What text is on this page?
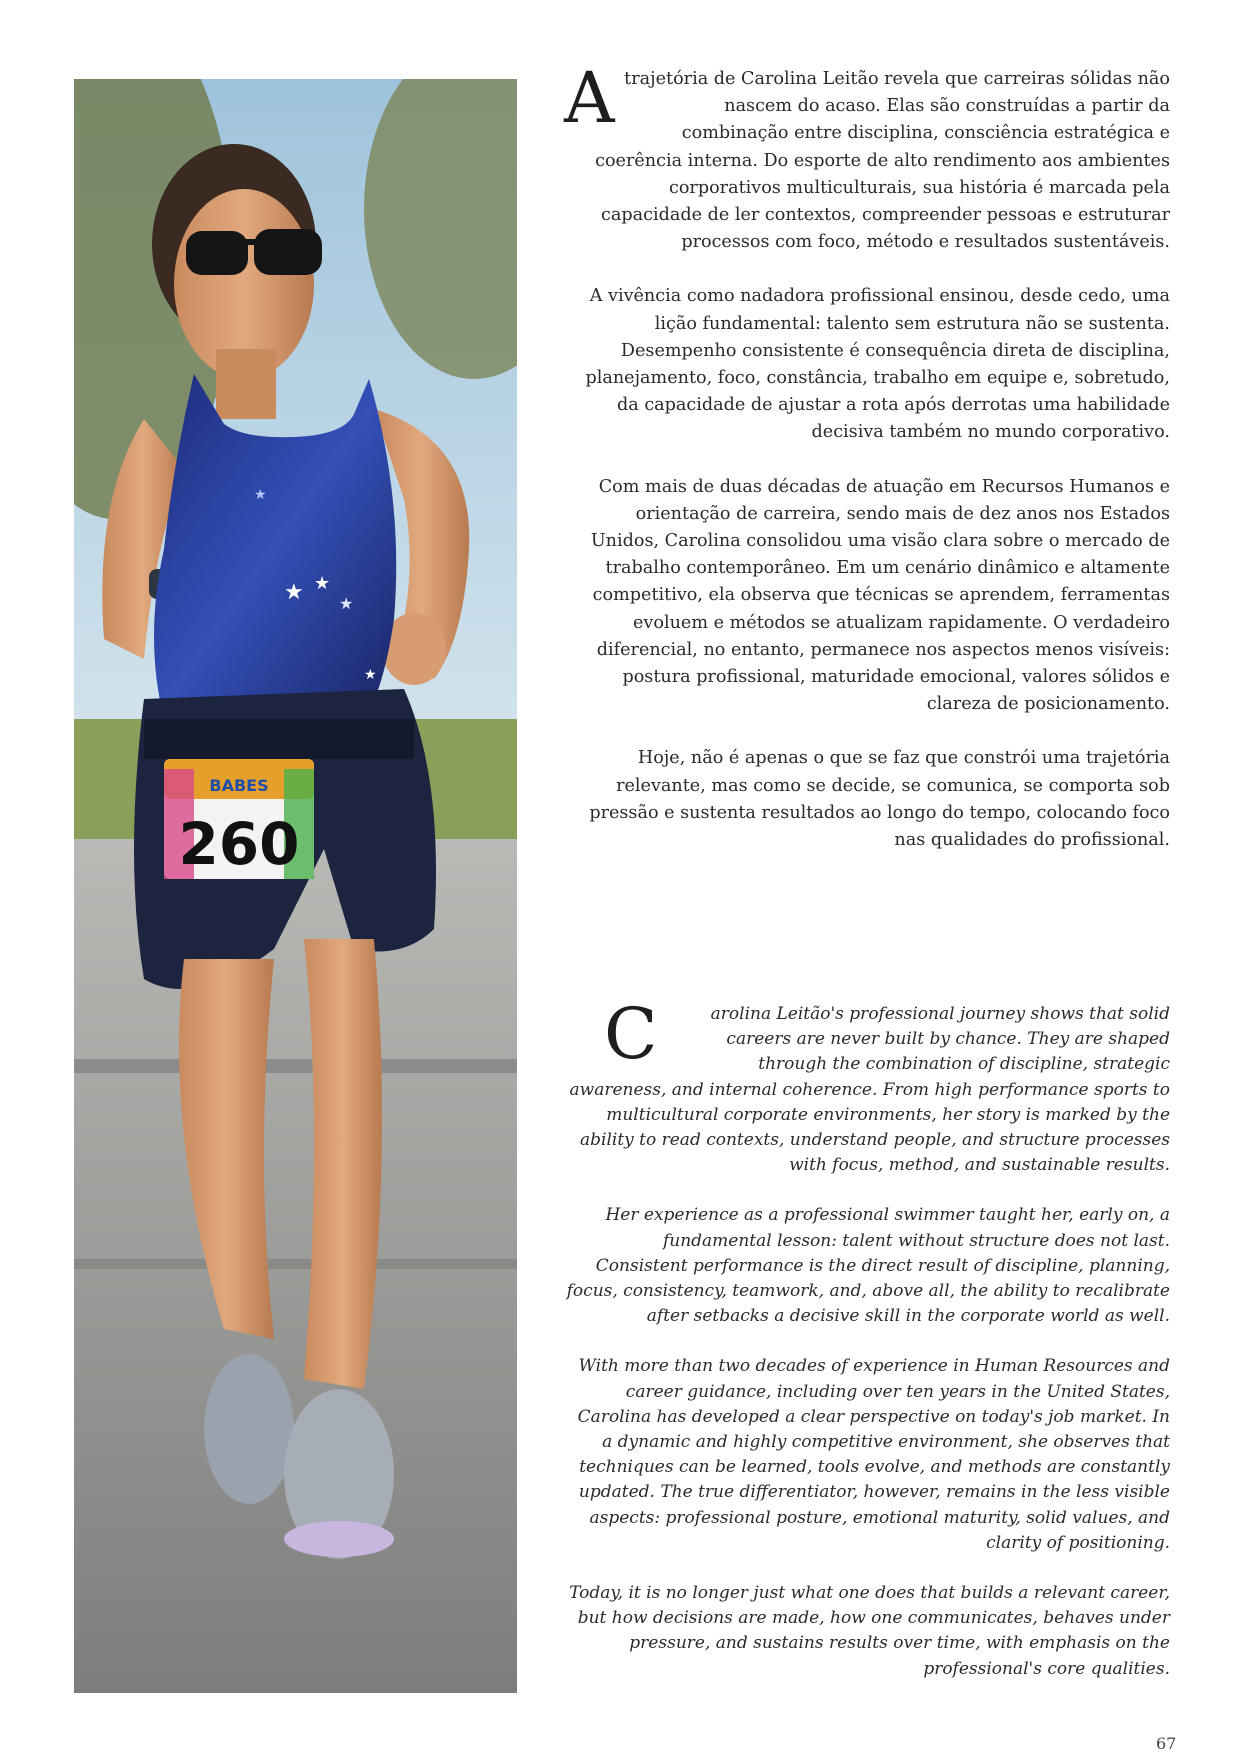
★ ★
★
★
★
BABES
260

Atrajetória de Carolina Leitão revela que carreiras sólidas não nascem do acaso. Elas são construídas a partir da combinação entre disciplina, consciência estratégica e coerência interna. Do esporte de alto rendimento aos ambientes corporativos multiculturais, sua história é marcada pela capacidade de ler contextos, compreender pessoas e estruturar processos com foco, método e resultados sustentáveis.

A vivência como nadadora profissional ensinou, desde cedo, uma lição fundamental: talento sem estrutura não se sustenta. Desempenho consistente é consequência direta de disciplina, planejamento, foco, constância, trabalho em equipe e, sobretudo, da capacidade de ajustar a rota após derrotas uma habilidade decisiva também no mundo corporativo.

Com mais de duas décadas de atuação em Recursos Humanos e orientação de carreira, sendo mais de dez anos nos Estados Unidos, Carolina consolidou uma visão clara sobre o mercado de trabalho contemporâneo. Em um cenário dinâmico e altamente competitivo, ela observa que técnicas se aprendem, ferramentas evoluem e métodos se atualizam rapidamente. O verdadeiro diferencial, no entanto, permanece nos aspectos menos visíveis: postura profissional, maturidade emocional, valores sólidos e clareza de posicionamento.

Hoje, não é apenas o que se faz que constrói uma trajetória relevante, mas como se decide, se comunica, se comporta sob pressão e sustenta resultados ao longo do tempo, colocando foco nas qualidades do profissional.

C	arolina Leitão's professional journey shows that solid careers are never built by chance. They are shaped through the combination of discipline, strategic awareness, and internal coherence. From high performance sports to multicultural corporate environments, her story is marked by the ability to read contexts, understand people, and structure processes with focus, method, and sustainable results.

Her experience as a professional swimmer taught her, early on, a fundamental lesson: talent without structure does not last. Consistent performance is the direct result of discipline, planning, focus, consistency, teamwork, and, above all, the ability to recalibrate after setbacks a decisive skill in the corporate world as well.

With more than two decades of experience in Human Resources and career guidance, including over ten years in the United States, Carolina has developed a clear perspective on today's job market. In a dynamic and highly competitive environment, she observes that techniques can be learned, tools evolve, and methods are constantly updated. The true differentiator, however, remains in the less visible aspects: professional posture, emotional maturity, solid values, and clarity of positioning.

Today, it is no longer just what one does that builds a relevant career, but how decisions are made, how one communicates, behaves under pressure, and sustains results over time, with emphasis on the professional's core qualities.

67
